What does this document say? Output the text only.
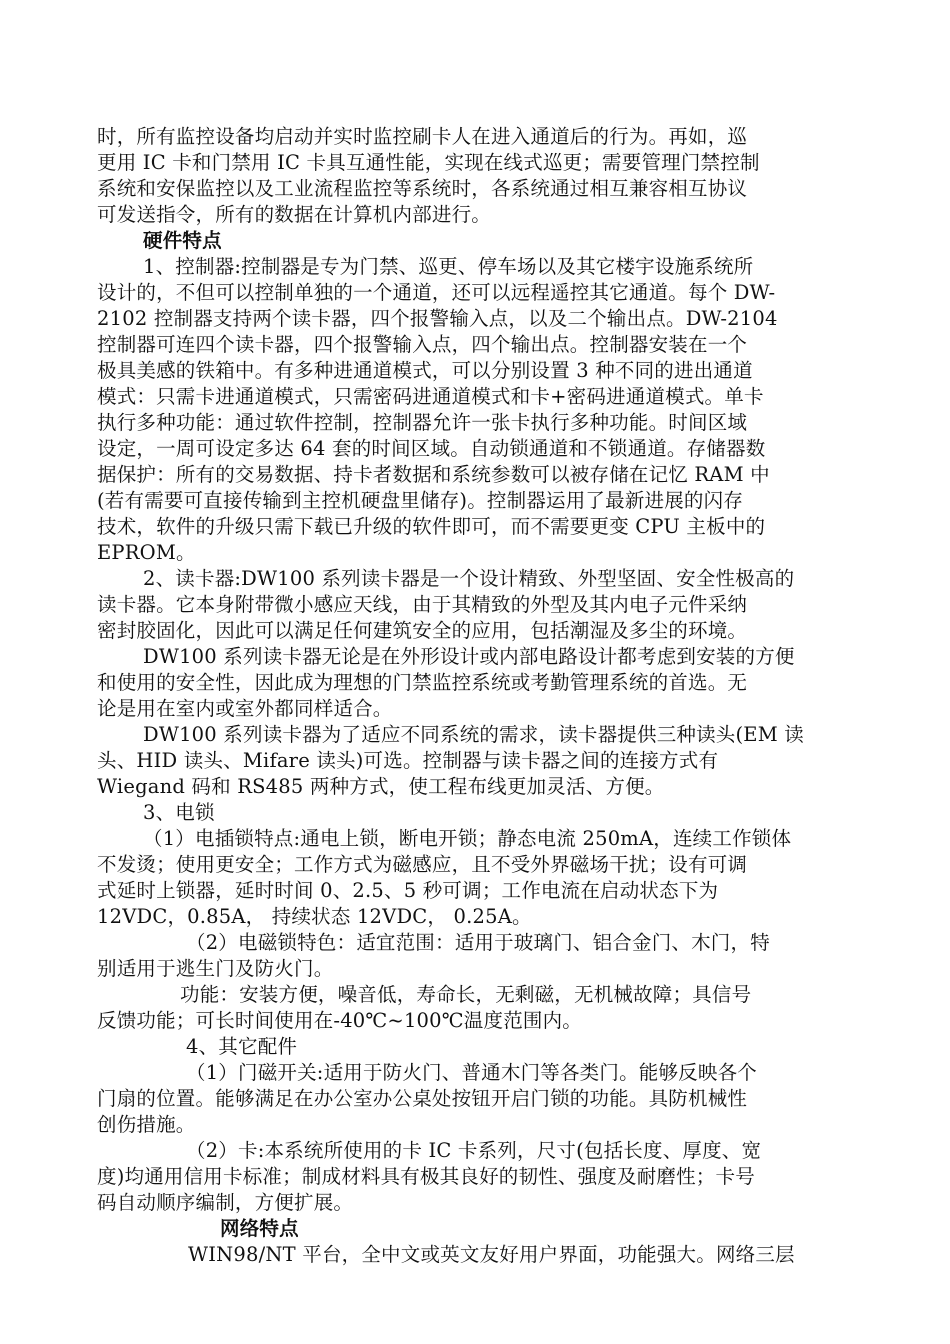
时，所有监控设备均启动并实时监控刷卡人在进入通道后的行为。再如，巡
更用 IC 卡和门禁用 IC 卡具互通性能，实现在线式巡更；需要管理门禁控制
系统和安保监控以及工业流程监控等系统时，各系统通过相互兼容相互协议
可发送指令，所有的数据在计算机内部进行。
硬件特点
1、控制器:控制器是专为门禁、巡更、停车场以及其它楼宇设施系统所
设计的，不但可以控制单独的一个通道，还可以远程遥控其它通道。每个 DW-
2102 控制器支持两个读卡器，四个报警输入点，以及二个输出点。DW-2104
控制器可连四个读卡器，四个报警输入点，四个输出点。控制器安装在一个
极具美感的铁箱中。有多种进通道模式，可以分别设置 3 种不同的进出通道
模式：只需卡进通道模式，只需密码进通道模式和卡+密码进通道模式。单卡
执行多种功能：通过软件控制，控制器允许一张卡执行多种功能。时间区域
设定，一周可设定多达 64 套的时间区域。自动锁通道和不锁通道。存储器数
据保护：所有的交易数据、持卡者数据和系统参数可以被存储在记忆 RAM 中
(若有需要可直接传输到主控机硬盘里储存)。控制器运用了最新进展的闪存
技术，软件的升级只需下载已升级的软件即可，而不需要更变 CPU 主板中的
EPROM。
2、读卡器:DW100 系列读卡器是一个设计精致、外型坚固、安全性极高的
读卡器。它本身附带微小感应天线，由于其精致的外型及其内电子元件采纳
密封胶固化，因此可以满足任何建筑安全的应用，包括潮湿及多尘的环境。
DW100 系列读卡器无论是在外形设计或内部电路设计都考虑到安装的方便
和使用的安全性，因此成为理想的门禁监控系统或考勤管理系统的首选。无
论是用在室内或室外都同样适合。
DW100 系列读卡器为了适应不同系统的需求，读卡器提供三种读头(EM 读
头、HID 读头、Mifare 读头)可选。控制器与读卡器之间的连接方式有
Wiegand 码和 RS485 两种方式，使工程布线更加灵活、方便。
3、电锁
（1）电插锁特点:通电上锁，断电开锁；静态电流 250mA，连续工作锁体
不发烫；使用更安全；工作方式为磁感应，且不受外界磁场干扰；设有可调
式延时上锁器，延时时间 0、2.5、5 秒可调；工作电流在启动状态下为
12VDC，0.85A， 持续状态 12VDC， 0.25A。
（2）电磁锁特色：适宜范围：适用于玻璃门、铝合金门、木门，特
别适用于逃生门及防火门。
功能：安装方便，噪音低，寿命长，无剩磁，无机械故障；具信号
反馈功能；可长时间使用在-40℃~100℃温度范围内。
4、其它配件
（1）门磁开关:适用于防火门、普通木门等各类门。能够反映各个
门扇的位置。能够满足在办公室办公桌处按钮开启门锁的功能。具防机械性
创伤措施。
（2）卡:本系统所使用的卡 IC 卡系列，尺寸(包括长度、厚度、宽
度)均通用信用卡标准；制成材料具有极其良好的韧性、强度及耐磨性；卡号
码自动顺序编制，方便扩展。
网络特点
WIN98/NT 平台，全中文或英文友好用户界面，功能强大。网络三层
